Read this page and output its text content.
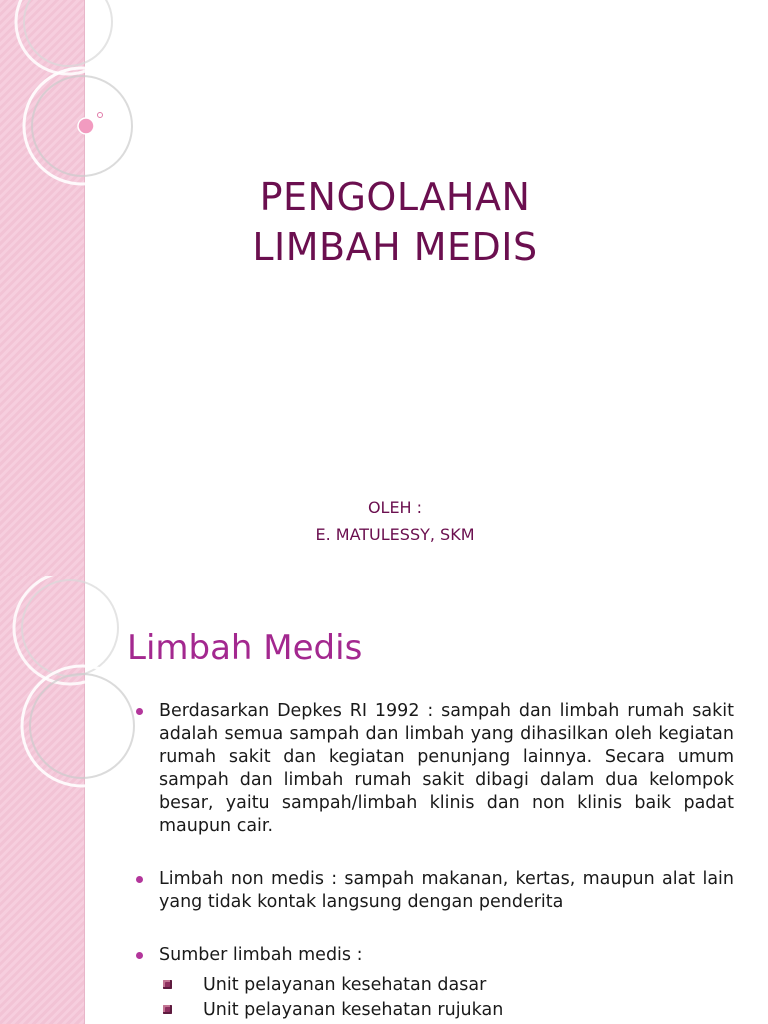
PENGOLAHAN
LIMBAH MEDIS
OLEH :
E. MATULESSY, SKM
Limbah Medis
Berdasarkan Depkes RI 1992 : sampah dan limbah rumah sakit adalah semua sampah dan limbah yang dihasilkan oleh kegiatan rumah sakit dan kegiatan penunjang lainnya. Secara umum sampah dan limbah rumah sakit dibagi dalam dua kelompok besar, yaitu sampah/limbah klinis dan non klinis baik padat maupun cair.
Limbah non medis : sampah makanan, kertas, maupun alat lain yang tidak kontak langsung dengan penderita
Sumber limbah medis :
Unit pelayanan kesehatan dasar
Unit pelayanan kesehatan rujukan
